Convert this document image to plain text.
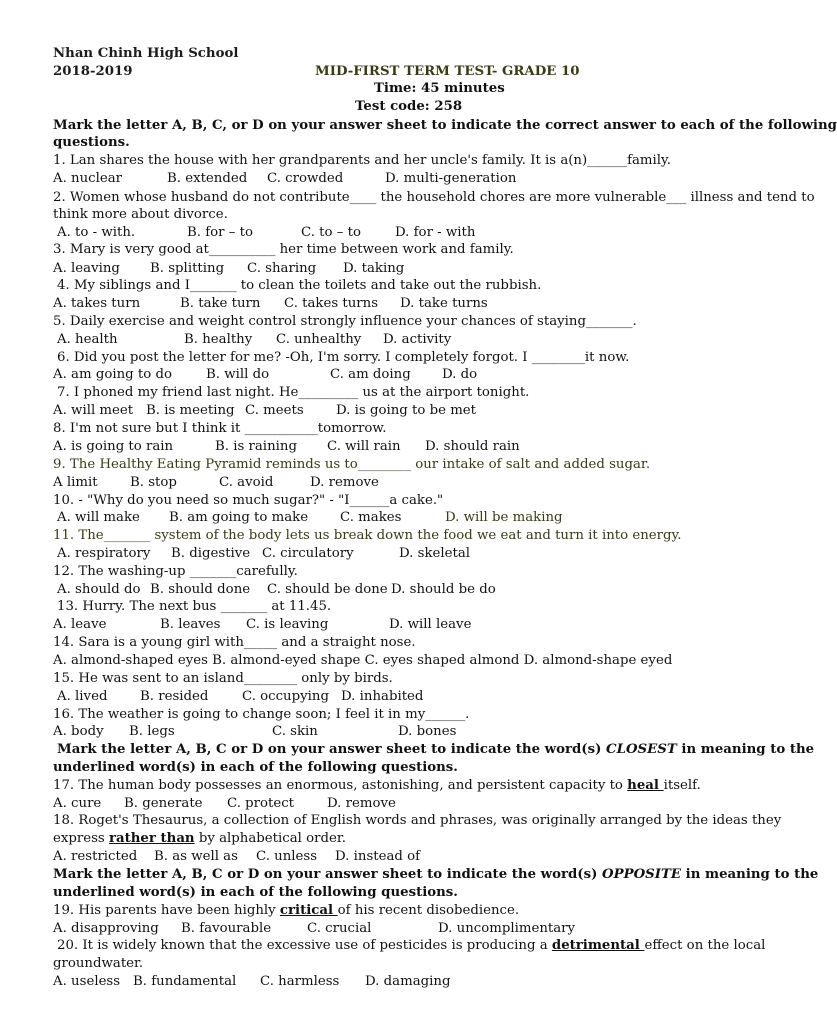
Nhan Chinh High School
2018-2019	MID-FIRST TERM TEST- GRADE 10
Time: 45 minutes
Test code: 258
Mark the letter A, B, C, or D on your answer sheet to indicate the correct answer to each of the following
questions.
1. Lan shares the house with her grandparents and her uncle's family. It is a(n)______family.
A. nuclear	B. extended C. crowded	D. multi-generation
2. Women whose husband do not contribute____ the household chores are more vulnerable___ illness and tend to
think more about divorce.
A. to - with.	B. for – to	C. to – to	D. for - with
3. Mary is very good at__________ her time between work and family.
A. leaving B. splitting C. sharing D. taking
4. My siblings and I_______ to clean the toilets and take out the rubbish.
A. takes turn	B. take turn C. takes turns D. take turns
5. Daily exercise and weight control strongly influence your chances of staying_______.
A. health	B. healthy C. unhealthy D. activity
6. Did you post the letter for me? -Oh, I'm sorry. I completely forgot. I ________it now.
A. am going to do	B. will do	C. am doing D. do
7. I phoned my friend last night. He_________ us at the airport tonight.
A. will meet B. is meeting C. meets D. is going to be met
8. I'm not sure but I think it ___________tomorrow.
A. is going to rain	B. is raining C. will rain D. should rain
9. The Healthy Eating Pyramid reminds us to________ our intake of salt and added sugar.
A limit B. stop	C. avoid	D. remove
10. - "Why do you need so much sugar?" - "I______a cake."
A. will make B. am going to make C. makes	D. will be making
11. The_______ system of the body lets us break down the food we eat and turn it into energy.
A. respiratory B. digestive C. circulatory	D. skeletal
12. The washing-up _______carefully.
A. should do B. should done C. should be done D. should be do
13. Hurry. The next bus _______ at 11.45.
A. leave	B. leaves C. is leaving	D. will leave
14. Sara is a young girl with_____ and a straight nose.
A. almond-shaped eyes B. almond-eyed shape C. eyes shaped almond D. almond-shape eyed
15. He was sent to an island________ only by birds.
A. lived B. resided	C. occupying D. inhabited
16. The weather is going to change soon; I feel it in my______.
A. body B. legs	C. skin	D. bones
Mark the letter A, B, C or D on your answer sheet to indicate the word(s) CLOSEST in meaning to the
underlined word(s) in each of the following questions.
17. The human body possesses an enormous, astonishing, and persistent capacity to heal itself.
A. cure B. generate C. protect D. remove
18. Roget's Thesaurus, a collection of English words and phrases, was originally arranged by the ideas they
express rather than by alphabetical order.
A. restricted B. as well as C. unless D. instead of
Mark the letter A, B, C or D on your answer sheet to indicate the word(s) OPPOSITE in meaning to the
underlined word(s) in each of the following questions.
19. His parents have been highly critical of his recent disobedience.
A. disapproving B. favourable	C. crucial	D. uncomplimentary
20. It is widely known that the excessive use of pesticides is producing a detrimental effect on the local
groundwater.
A. useless B. fundamental C. harmless D. damaging
